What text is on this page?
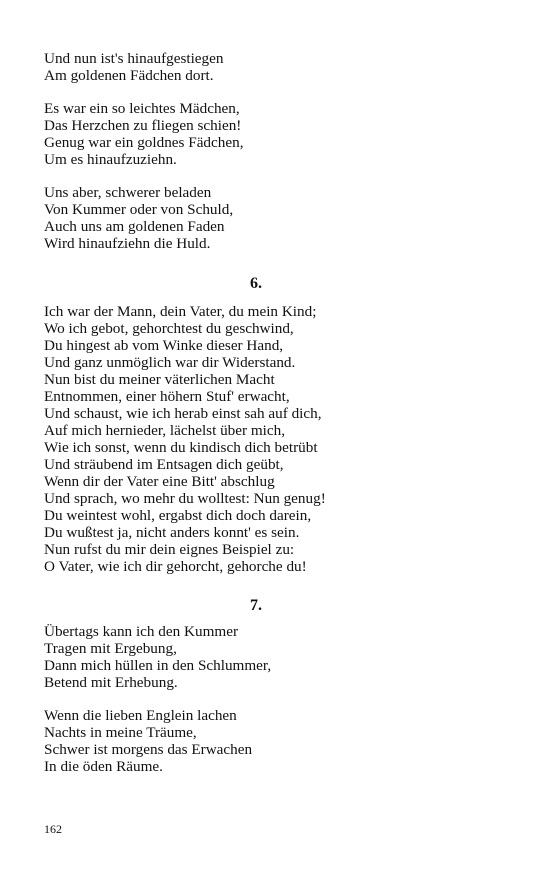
Und nun ist's hinaufgestiegen
Am goldenen Fädchen dort.
Es war ein so leichtes Mädchen,
Das Herzchen zu fliegen schien!
Genug war ein goldnes Fädchen,
Um es hinaufzuziehn.
Uns aber, schwerer beladen
Von Kummer oder von Schuld,
Auch uns am goldenen Faden
Wird hinaufziehn die Huld.
6.
Ich war der Mann, dein Vater, du mein Kind;
Wo ich gebot, gehorchtest du geschwind,
Du hingest ab vom Winke dieser Hand,
Und ganz unmöglich war dir Widerstand.
Nun bist du meiner väterlichen Macht
Entnommen, einer höhern Stuf' erwacht,
Und schaust, wie ich herab einst sah auf dich,
Auf mich hernieder, lächelst über mich,
Wie ich sonst, wenn du kindisch dich betrübt
Und sträubend im Entsagen dich geübt,
Wenn dir der Vater eine Bitt' abschlug
Und sprach, wo mehr du wolltest: Nun genug!
Du weintest wohl, ergabst dich doch darein,
Du wußtest ja, nicht anders konnt' es sein.
Nun rufst du mir dein eignes Beispiel zu:
O Vater, wie ich dir gehorcht, gehorche du!
7.
Übertags kann ich den Kummer
Tragen mit Ergebung,
Dann mich hüllen in den Schlummer,
Betend mit Erhebung.
Wenn die lieben Englein lachen
Nachts in meine Träume,
Schwer ist morgens das Erwachen
In die öden Räume.
162
